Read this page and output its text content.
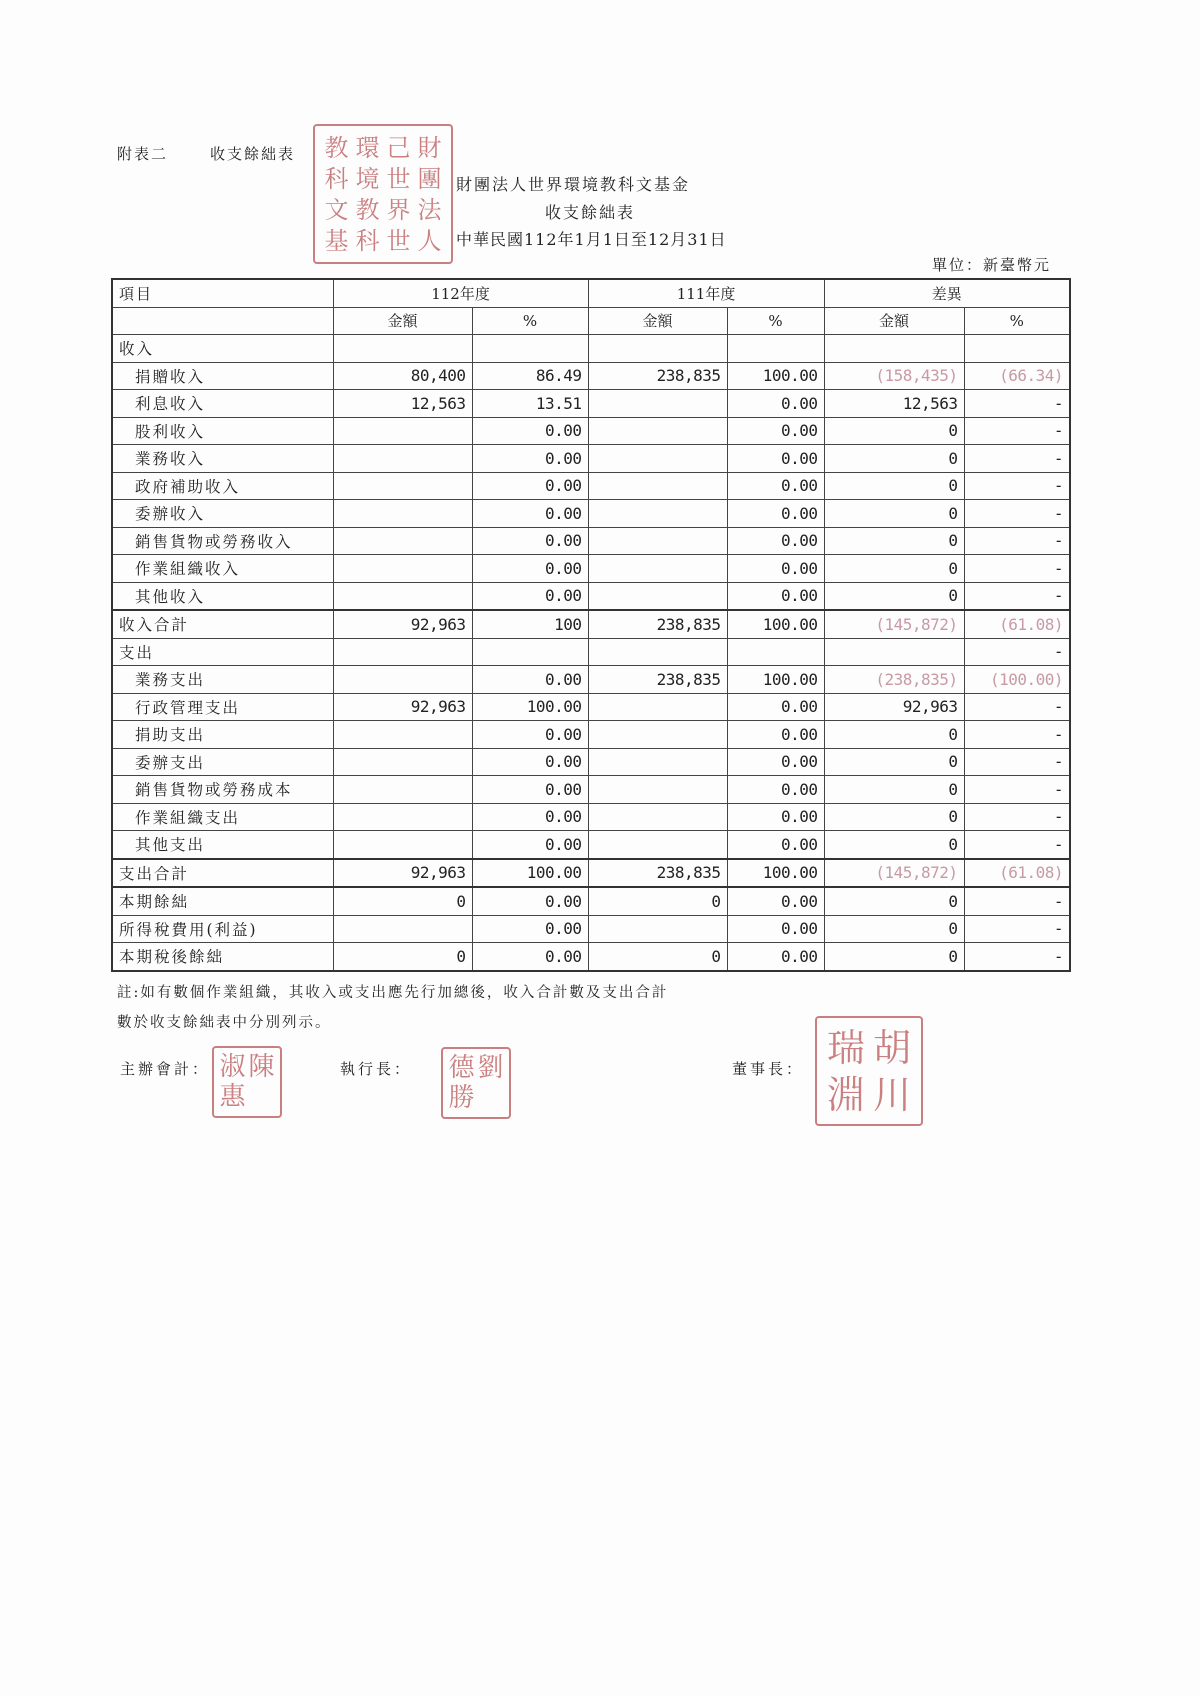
附表二	收支餘絀表 教 環 己 財
科 境 世 團
文 教 界 法
基 科 世 人
財團法人世界環境教科文基金
收支餘絀表
中華民國112年1月1日至12月31日
單位：新臺幣元
項目	112年度		111年度		差異	
	金額	%	金額	%	金額	%
收入						
捐贈收入	80,400	86.49	238,835	100.00	(158,435)	(66.34)
利息收入	12,563	13.51		0.00	12,563	-
股利收入		0.00		0.00	0	-
業務收入		0.00		0.00	0	-
政府補助收入		0.00		0.00	0	-
委辦收入		0.00		0.00	0	-
銷售貨物或勞務收入		0.00		0.00	0	-
作業組織收入		0.00		0.00	0	-
其他收入		0.00		0.00	0	-
收入合計	92,963	100	238,835	100.00	(145,872)	(61.08)
支出						-
業務支出		0.00	238,835	100.00	(238,835)	(100.00)
行政管理支出	92,963	100.00		0.00	92,963	-
捐助支出		0.00		0.00	0	-
委辦支出		0.00		0.00	0	-
銷售貨物或勞務成本		0.00		0.00	0	-
作業組織支出		0.00		0.00	0	-
其他支出		0.00		0.00	0	-
支出合計	92,963	100.00	238,835	100.00	(145,872)	(61.08)
本期餘絀	0	0.00	0	0.00	0	-
所得稅費用(利益)		0.00		0.00	0	-
本期稅後餘絀	0	0.00	0	0.00	0	-
註:如有數個作業組織，其收入或支出應先行加總後，收入合計數及支出合計
數於收支餘絀表中分別列示。
主辦會計： 淑 陳
惠

執行長： 德 劉
勝

董事長： 瑞 胡
淵 川
